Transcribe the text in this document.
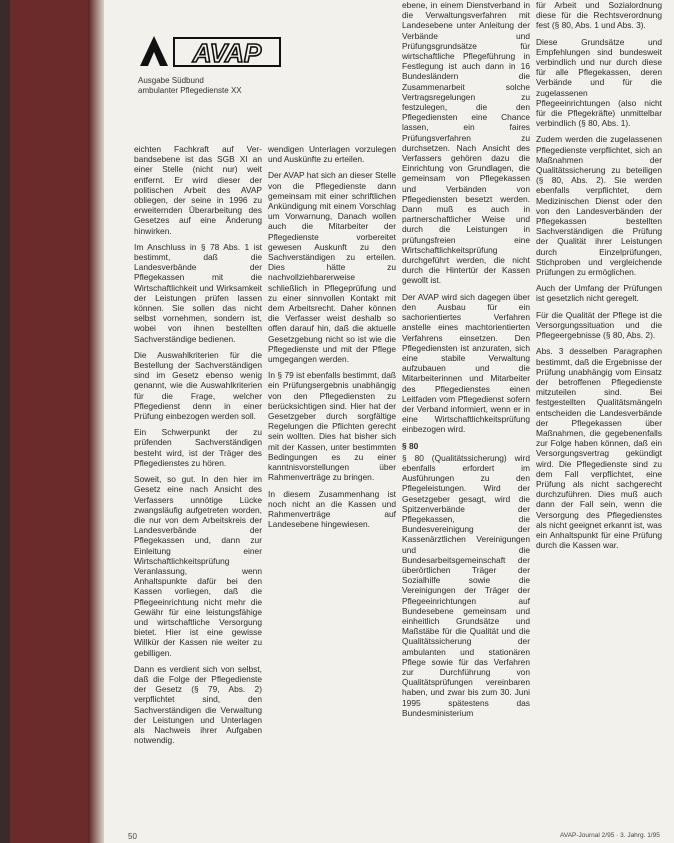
AVAP
Ausgabe Südbund
ambulanter Pflegedienste XX

eichten Fachkraft auf Ver- bandsebene ist das SGB XI an einer Stelle (nicht nur) weit entfernt. Er wird dieser der politischen Arbeit des AVAP obliegen, der seine in 1996 zu erweiternden Überarbeitung des Gesetzes auf eine Änderung hinwirken.

Im Anschluss in § 78 Abs. 1 ist bestimmt, daß die Landesverbände der Pflegekassen mit die Wirtschaftlichkeit und Wirksamkeit der Leistungen prüfen lassen können. Sie sollen das nicht selbst vornehmen, sondern ist, wobei von ihnen bestellten Sachverständige bedienen.

Die Auswahlkriterien für die Bestellung der Sachverständigen sind im Gesetz ebenso wenig genannt, wie die Auswahlkriterien für die Frage, welcher Pflegedienst denn in einer Prüfung einbezogen werden soll.

Ein Schwerpunkt der zu prüfenden Sachverständigen besteht wird, ist der Träger des Pflegedienstes zu hören.

Soweit, so gut. In den hier im Gesetz eine nach Ansicht des Verfassers unnötige Lücke zwangsläufig aufgetreten worden, die nur von dem Arbeitskreis der Landesverbände der Pflegekassen und, dann zur Einleitung einer Wirtschaftlichkeitsprüfung Veranlassung, wenn Anhaltspunkte dafür bei den Kassen vorliegen, daß die Pflegeeinrichtung nicht mehr die Gewähr für eine leistungsfähige und wirtschaftliche Versorgung bietet. Hier ist eine gewisse Willkür der Kassen nie weiter zu gebilligen.

Dann es verdient sich von selbst, daß die Folge der Pflegedienste der Gesetz (§ 79, Abs. 2) verpflichtet sind, den Sachverständigen die Verwaltung der Leistungen und Unterlagen als Nachweis ihrer Aufgaben notwendig.

wendigen Unterlagen vorzulegen und Auskünfte zu erteilen.

Der AVAP hat sich an dieser Stelle von die Pflegedienste dann gemeinsam mit einer schriftlichen Ankündigung mit einem Vorschlag um Vorwarnung, Danach wollen auch die Mitarbeiter der Pflegedienste vorbereitet gewesen Auskunft zu den Sachverständigen zu erteilen. Dies hätte zu nachvollziehbarerweise schließlich in Pflegeprüfung und zu einer sinnvollen Kontakt mit dem Arbeitsrecht. Daher können die Verfasser weist deshalb so offen darauf hin, daß die aktuelle Gesetzgebung nicht so ist wie die Pflegedienste und mit der Pflege umgegangen werden.

In § 79 ist ebenfalls bestimmt, daß ein Prüfungsergebnis unabhängig von den Pflegediensten zu berücksichtigen sind. Hier hat der Gesetzgeber durch sorgfältige Regelungen die Pflichten gerecht sein wollten. Dies hat bisher sich mit der Kassen, unter bestimmten Bedingungen es zu einer kanntnisvorstellungen über Rahmenverträge zu bringen.

In diesem Zusammenhang ist noch nicht an die Kassen und Rahmenverträge auf Landesebene hingewiesen.

ebene, in einem Dienstverband in die Verwaltungsverfahren mit Landesebene unter Anleitung der Verbände und Prüfungsgrundsätze für wirtschaftliche Pflegeführung in Festlegung ist auch dann in 16 Bundesländern die Zusammenarbeit solche Vertragsregelungen zu festzulegen, die den Pflegediensten eine Chance lassen, ein faires Prüfungsverfahren zu durchsetzen. Nach Ansicht des Verfassers gehören dazu die Einrichtung von Grundlagen, die gemeinsam von Pflegekassen und Verbänden von Pflegediensten besetzt werden. Dann muß es auch in partnerschaftlicher Weise und durch die Leistungen in prüfungsfreien eine Wirtschaftlichkeitsprüfung durchgeführt werden, die nicht durch die Hintertür der Kassen gewollt ist.

Der AVAP wird sich dagegen über den Ausbau für ein sachorientiertes Verfahren anstelle eines machtorientierten Verfahrens einsetzen. Den Pflegediensten ist anzuraten, sich eine stabile Verwaltung aufzubauen und die Mitarbeiterinnen und Mitarbeiter des Pflegedienstes einen Leitfaden vom Pflegedienst sofern der Verband informiert, wenn er in eine Wirtschaftlichkeitsprüfung einbezogen wird.

§ 80

§ 80 (Qualitätssicherung) wird ebenfalls erfordert im Ausführungen zu den Pflegeleistungen. Wird der Gesetzgeber gesagt, wird die Spitzenverbände der Pflegekassen, die Bundesvereinigung der Kassenärztlichen Vereinigungen und die Bundesarbeitsgemeinschaft der überörtlichen Träger der Sozialhilfe sowie die Vereinigungen der Träger der Pflegeeinrichtungen auf Bundesebene gemeinsam und einheitlich Grundsätze und Maßstäbe für die Qualität und die Qualitätssicherung der ambulanten und stationären Pflege sowie für das Verfahren zur Durchführung von Qualitätsprüfungen vereinbaren haben, und zwar bis zum 30. Juni 1995 spätestens das Bundesministerium

für Arbeit und Sozialordnung diese für die Rechtsverordnung fest (§ 80, Abs. 1 und Abs. 3).

Diese Grundsätze und Empfehlungen sind bundesweit verbindlich und nur durch diese für alle Pflegekassen, deren Verbände und für die zugelassenen Pflegeeinrichtungen (also nicht für die Pflegekräfte) unmittelbar verbindlich (§ 80, Abs. 1).

Zudem werden die zugelassenen Pflegedienste verpflichtet, sich an Maßnahmen der Qualitätssicherung zu beteiligen (§ 80, Abs. 2). Sie werden ebenfalls verpflichtet, dem Medizinischen Dienst oder den von den Landesverbänden der Pflegekassen bestellten Sachverständigen die Prüfung der Qualität ihrer Leistungen durch Einzelprüfungen, Stichproben und vergleichende Prüfungen zu ermöglichen.

Auch der Umfang der Prüfungen ist gesetzlich nicht geregelt.

Für die Qualität der Pflege ist die Versorgungssituation und die Pflegeergebnisse (§ 80, Abs. 2).

Abs. 3 desselben Paragraphen bestimmt, daß die Ergebnisse der Prüfung unabhängig vom Einsatz der betroffenen Pflegedienste mitzuteilen sind. Bei festgestellten Qualitätsmängeln entscheiden die Landesverbände der Pflegekassen über Maßnahmen, die gegebenenfalls zur Folge haben können, daß ein Versorgungsvertrag gekündigt wird. Die Pflegedienste sind zu dem Fall verpflichtet, eine Prüfung als nicht sachgerecht durchzuführen. Dies muß auch dann der Fall sein, wenn die Versorgung des Pflegedienstes als nicht geeignet erkannt ist, was ein Anhaltspunkt für eine Prüfung durch die Kassen war.

50	AVAP-Journal 2/95 · 3. Jahrg. 1/95
